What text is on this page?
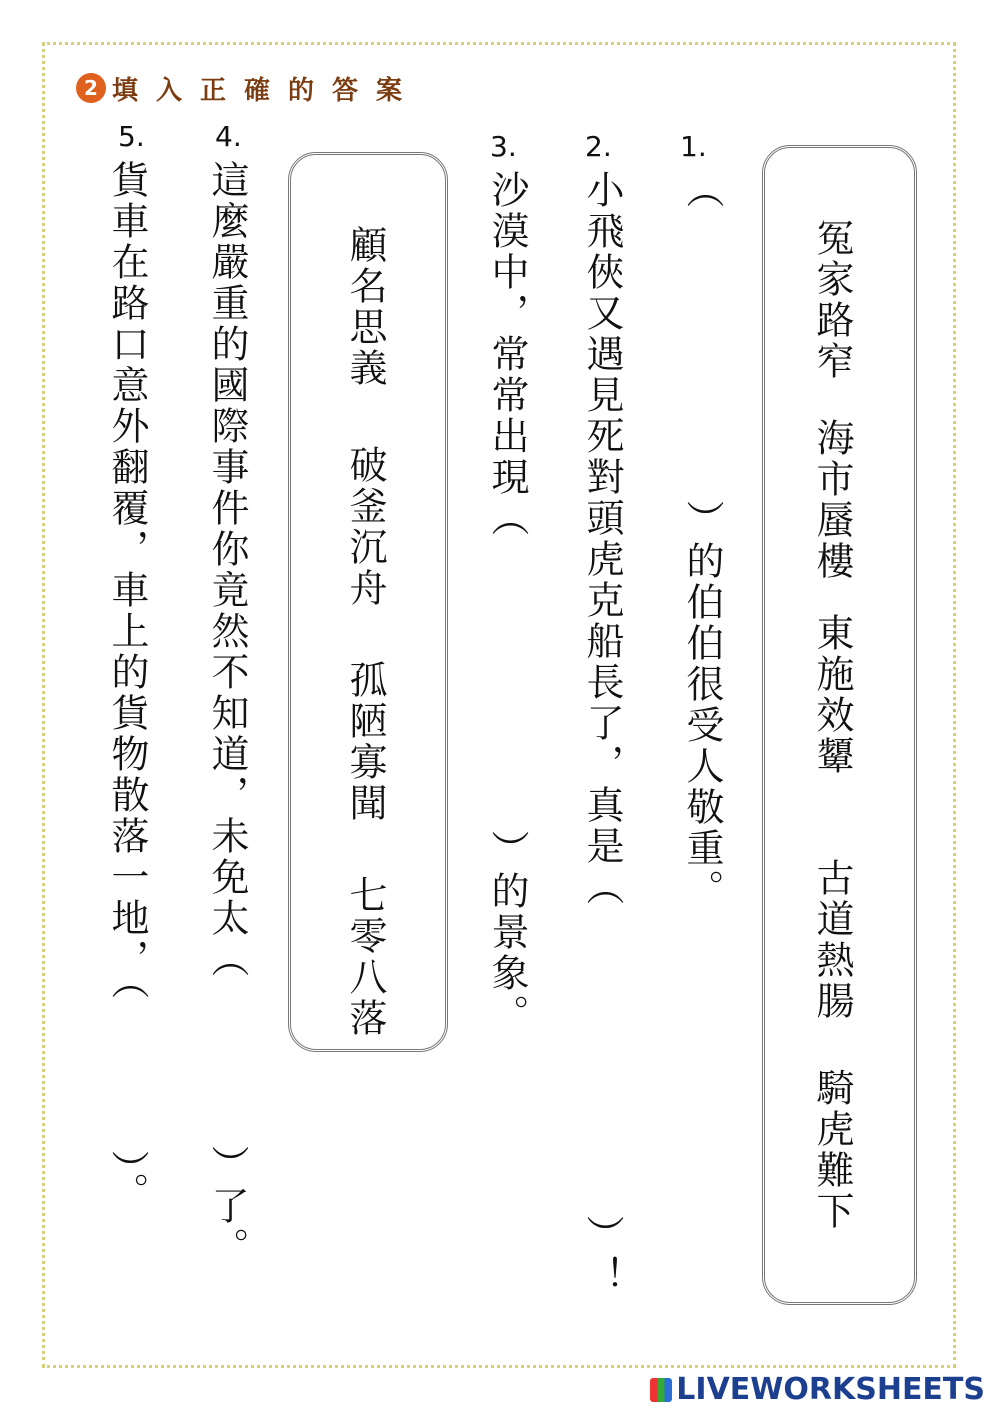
2 填入正確的答案
冤家路窄
海市蜃樓
東施效顰
古道熱腸
騎虎難下
顧名思義
破釜沉舟
孤陋寡聞
七零八落
1.
（
）的伯伯很受人敬重。
2.
小飛俠又遇見死對頭虎克船長了，真是（
）！
3.
沙漠中，常常出現（
）的景象。
4.
這麼嚴重的國際事件你竟然不知道，未免太（
）了。
5.
貨車在路口意外翻覆，車上的貨物散落一地，（
）。
LIVEWORKSHEETS
